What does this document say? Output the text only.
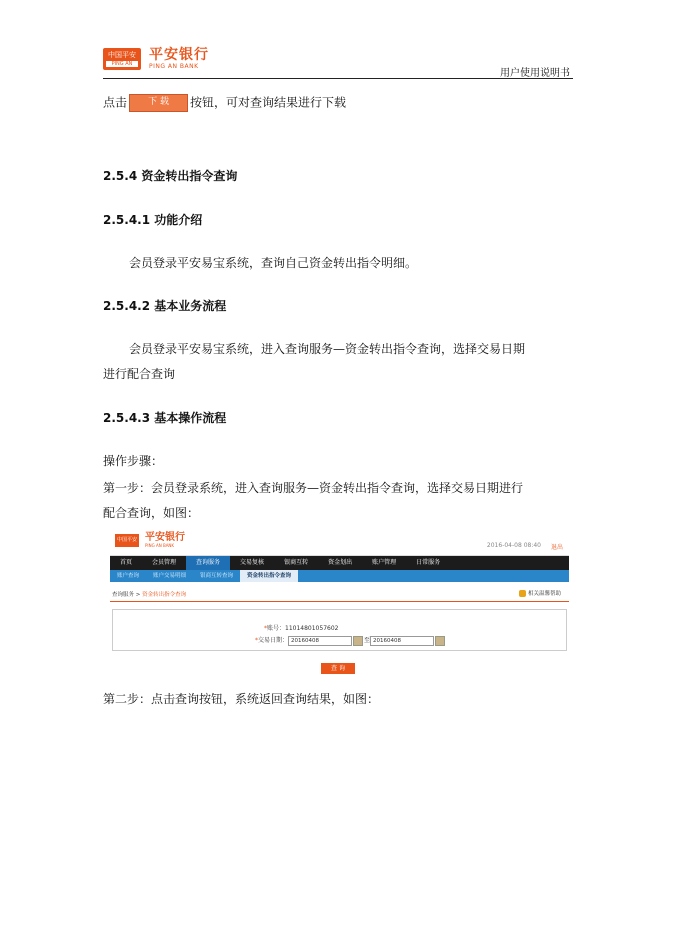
中国平安
PING AN
平安银行
PING AN BANK
用户使用说明书
点击 下 载 按钮，可对查询结果进行下载
2.5.4 资金转出指令查询
2.5.4.1 功能介绍
会员登录平安易宝系统，查询自己资金转出指令明细。
2.5.4.2 基本业务流程
会员登录平安易宝系统，进入查询服务—资金转出指令查询，选择交易日期
进行配合查询
2.5.4.3 基本操作流程
操作步骤：
第一步：会员登录系统，进入查询服务—资金转出指令查询，选择交易日期进行
配合查询，如图：
中国平安 平安银行
PING AN BANK	2016-04-08 08:40 退出
首页	会员管理	查询服务	交易复核	银商互转	资金划出	账户管理	日常服务
账户查询	账户交易明细	银商互转查询	资金转出指令查询
查询服务 > 资金转出指令查询	相关温馨帮助
*账号：11014801057602
*交易日期： 20160408	至 20160408
查 询
第二步：点击查询按钮，系统返回查询结果，如图：
